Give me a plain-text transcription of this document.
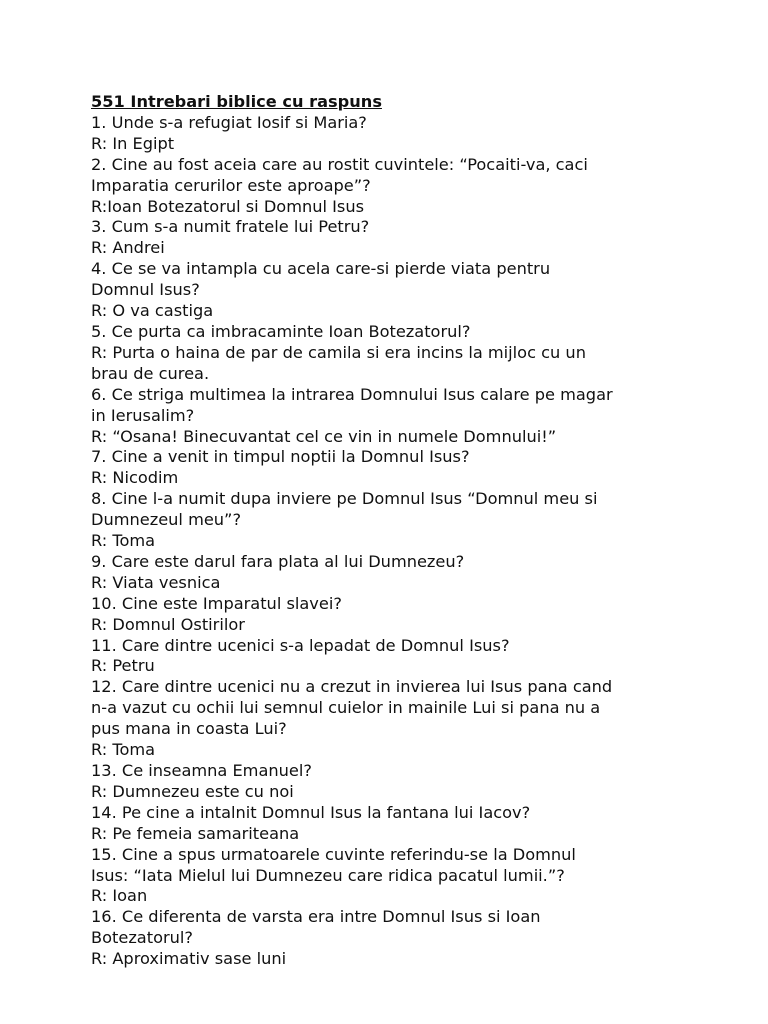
551 Intrebari biblice cu raspuns
1. Unde s-a refugiat Iosif si Maria?
R: In Egipt
2. Cine au fost aceia care au rostit cuvintele: “Pocaiti-va, caci
Imparatia cerurilor este aproape”?
R:Ioan Botezatorul si Domnul Isus
3. Cum s-a numit fratele lui Petru?
R: Andrei
4. Ce se va intampla cu acela care-si pierde viata pentru
Domnul Isus?
R: O va castiga
5. Ce purta ca imbracaminte Ioan Botezatorul?
R: Purta o haina de par de camila si era incins la mijloc cu un
brau de curea.
6. Ce striga multimea la intrarea Domnului Isus calare pe magar
in Ierusalim?
R: “Osana! Binecuvantat cel ce vin in numele Domnului!”
7. Cine a venit in timpul noptii la Domnul Isus?
R: Nicodim
8. Cine l-a numit dupa inviere pe Domnul Isus “Domnul meu si
Dumnezeul meu”?
R: Toma
9. Care este darul fara plata al lui Dumnezeu?
R: Viata vesnica
10. Cine este Imparatul slavei?
R: Domnul Ostirilor
11. Care dintre ucenici s-a lepadat de Domnul Isus?
R: Petru
12. Care dintre ucenici nu a crezut in invierea lui Isus pana cand
n-a vazut cu ochii lui semnul cuielor in mainile Lui si pana nu a
pus mana in coasta Lui?
R: Toma
13. Ce inseamna Emanuel?
R: Dumnezeu este cu noi
14. Pe cine a intalnit Domnul Isus la fantana lui Iacov?
R: Pe femeia samariteana
15. Cine a spus urmatoarele cuvinte referindu-se la Domnul
Isus: “Iata Mielul lui Dumnezeu care ridica pacatul lumii.”?
R: Ioan
16. Ce diferenta de varsta era intre Domnul Isus si Ioan
Botezatorul?
R: Aproximativ sase luni
